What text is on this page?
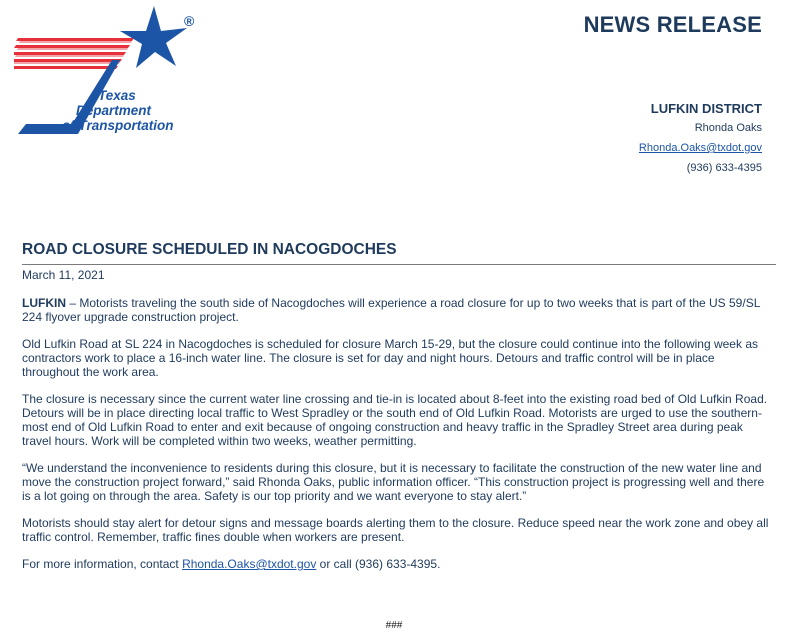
®
Texas
Department
of Transportation
NEWS RELEASE
LUFKIN DISTRICT
Rhonda Oaks
Rhonda.Oaks@txdot.gov
(936) 633-4395
ROAD CLOSURE SCHEDULED IN NACOGDOCHES
March 11, 2021

LUFKIN – Motorists traveling the south side of Nacogdoches will experience a road closure for up to two weeks that is part of the US 59/SL 224 flyover upgrade construction project.

Old Lufkin Road at SL 224 in Nacogdoches is scheduled for closure March 15-29, but the closure could continue into the following week as contractors work to place a 16-inch water line. The closure is set for day and night hours. Detours and traffic control will be in place throughout the work area.

The closure is necessary since the current water line crossing and tie-in is located about 8-feet into the existing road bed of Old Lufkin Road. Detours will be in place directing local traffic to West Spradley or the south end of Old Lufkin Road. Motorists are urged to use the southern-most end of Old Lufkin Road to enter and exit because of ongoing construction and heavy traffic in the Spradley Street area during peak travel hours. Work will be completed within two weeks, weather permitting.

“We understand the inconvenience to residents during this closure, but it is necessary to facilitate the construction of the new water line and move the construction project forward,” said Rhonda Oaks, public information officer. “This construction project is progressing well and there is a lot going on through the area. Safety is our top priority and we want everyone to stay alert.”

Motorists should stay alert for detour signs and message boards alerting them to the closure. Reduce speed near the work zone and obey all traffic control. Remember, traffic fines double when workers are present.

For more information, contact Rhonda.Oaks@txdot.gov or call (936) 633-4395.

###
